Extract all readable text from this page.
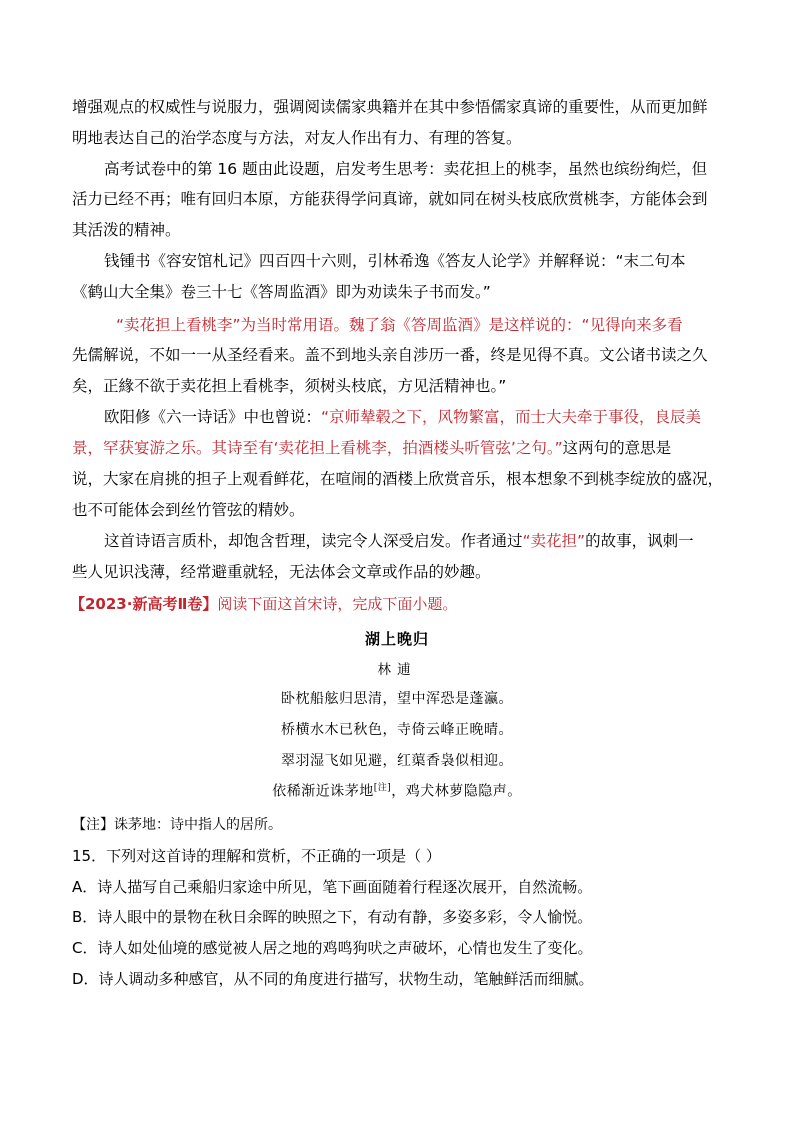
增强观点的权威性与说服力，强调阅读儒家典籍并在其中参悟儒家真谛的重要性，从而更加鲜
明地表达自己的治学态度与方法，对友人作出有力、有理的答复。
高考试卷中的第 16 题由此设题，启发考生思考：卖花担上的桃李，虽然也缤纷绚烂，但
活力已经不再；唯有回归本原，方能获得学问真谛，就如同在树头枝底欣赏桃李，方能体会到
其活泼的精神。
钱锺书《容安馆札记》四百四十六则，引林希逸《答友人论学》并解释说：“末二句本
《鹤山大全集》卷三十七《答周监酒》即为劝读朱子书而发。”
“卖花担上看桃李”为当时常用语。魏了翁《答周监酒》是这样说的：“见得向来多看
先儒解说，不如一一从圣经看来。盖不到地头亲自涉历一番，终是见得不真。文公诸书读之久
矣，正緣不欲于卖花担上看桃李，须树头枝底，方见活精神也。”
欧阳修《六一诗话》中也曾说：“京师辇毂之下，风物繁富，而士大夫牵于事役，良辰美
景，罕获宴游之乐。其诗至有‘卖花担上看桃李，拍酒楼头听管弦’之句。”这两句的意思是
说，大家在肩挑的担子上观看鲜花，在喧闹的酒楼上欣赏音乐，根本想象不到桃李绽放的盛况，
也不可能体会到丝竹管弦的精妙。
这首诗语言质朴，却饱含哲理，读完令人深受启发。作者通过“卖花担”的故事，讽刺一
些人见识浅薄，经常避重就轻，无法体会文章或作品的妙趣。
【2023·新高考Ⅱ卷】阅读下面这首宋诗，完成下面小题。
湖上晚归
林逋
卧枕船舷归思清，望中浑恐是蓬瀛。
桥横水木已秋色，寺倚云峰正晚晴。
翠羽湿飞如见避，红蕖香袅似相迎。
依稀渐近诛茅地[注]，鸡犬林萝隐隐声。
【注】诛茅地：诗中指人的居所。
15．下列对这首诗的理解和赏析，不正确的一项是（ ）
A．诗人描写自己乘船归家途中所见，笔下画面随着行程逐次展开，自然流畅。
B．诗人眼中的景物在秋日余晖的映照之下，有动有静，多姿多彩，令人愉悦。
C．诗人如处仙境的感觉被人居之地的鸡鸣狗吠之声破坏，心情也发生了变化。
D．诗人调动多种感官，从不同的角度进行描写，状物生动，笔触鲜活而细腻。
